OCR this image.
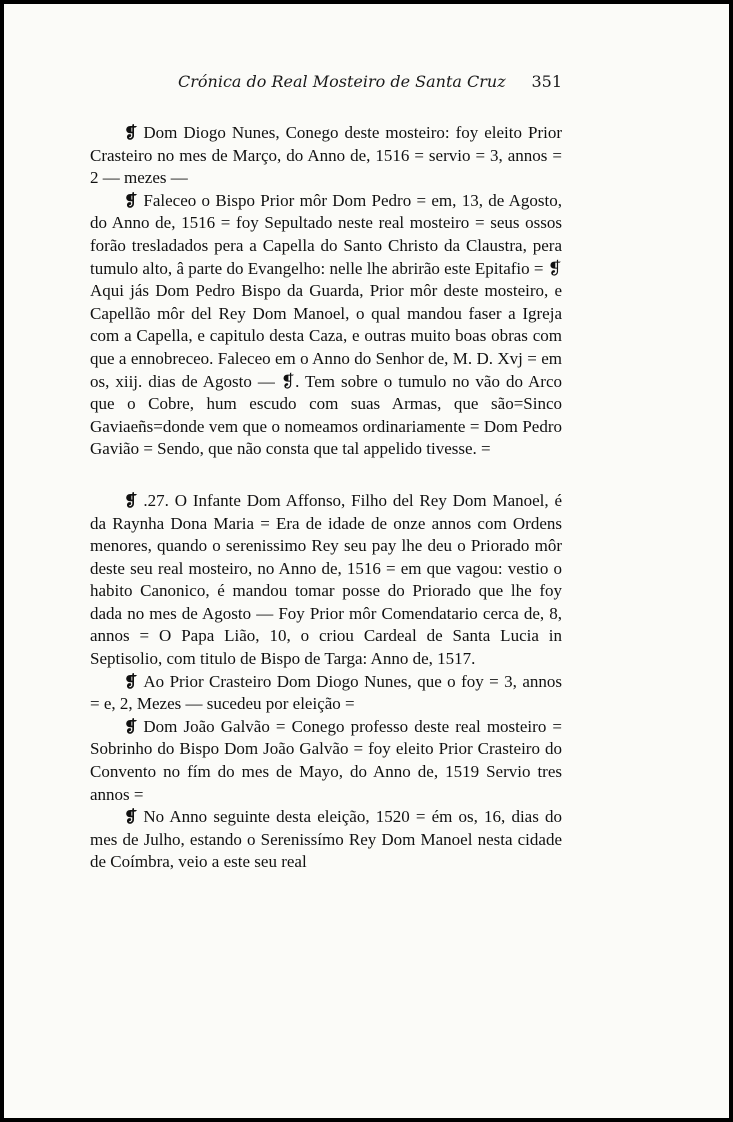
Crónica do Real Mosteiro de Santa Cruz 351

❡ Dom Diogo Nunes, Conego deste mosteiro: foy eleito Prior Crasteiro no mes de Março, do Anno de, 1516 = servio = 3, annos = 2 — mezes —

❡ Faleceo o Bispo Prior môr Dom Pedro = em, 13, de Agosto, do Anno de, 1516 = foy Sepultado neste real mosteiro = seus ossos forão tresladados pera a Capella do Santo Christo da Claustra, pera tumulo alto, â parte do Evangelho: nelle lhe abrirão este Epitafio = ❡ Aqui jás Dom Pedro Bispo da Guarda, Prior môr deste mosteiro, e Capellão môr del Rey Dom Manoel, o qual mandou faser a Igreja com a Capella, e capitulo desta Caza, e outras muito boas obras com que a ennobreceo. Faleceo em o Anno do Senhor de, M. D. Xvj = em os, xiij. dias de Agosto — ❡. Tem sobre o tumulo no vão do Arco que o Cobre, hum escudo com suas Armas, que são=Sinco Gaviaeñs=donde vem que o nomeamos ordinariamente = Dom Pedro Gavião = Sendo, que não consta que tal appelido tivesse. =

❡ .27. O Infante Dom Affonso, Filho del Rey Dom Manoel, é da Raynha Dona Maria = Era de idade de onze annos com Ordens menores, quando o serenissimo Rey seu pay lhe deu o Priorado môr deste seu real mosteiro, no Anno de, 1516 = em que vagou: vestio o habito Canonico, é mandou tomar posse do Priorado que lhe foy dada no mes de Agosto — Foy Prior môr Comendatario cerca de, 8, annos = O Papa Lião, 10, o criou Cardeal de Santa Lucia in Septisolio, com titulo de Bispo de Targa: Anno de, 1517.

❡ Ao Prior Crasteiro Dom Diogo Nunes, que o foy = 3, annos = e, 2, Mezes — sucedeu por eleição =

❡ Dom João Galvão = Conego professo deste real mosteiro = Sobrinho do Bispo Dom João Galvão = foy eleito Prior Crasteiro do Convento no fím do mes de Mayo, do Anno de, 1519 Servio tres annos =

❡ No Anno seguinte desta eleição, 1520 = ém os, 16, dias do mes de Julho, estando o Serenissímo Rey Dom Manoel nesta cidade de Coímbra, veio a este seu real
